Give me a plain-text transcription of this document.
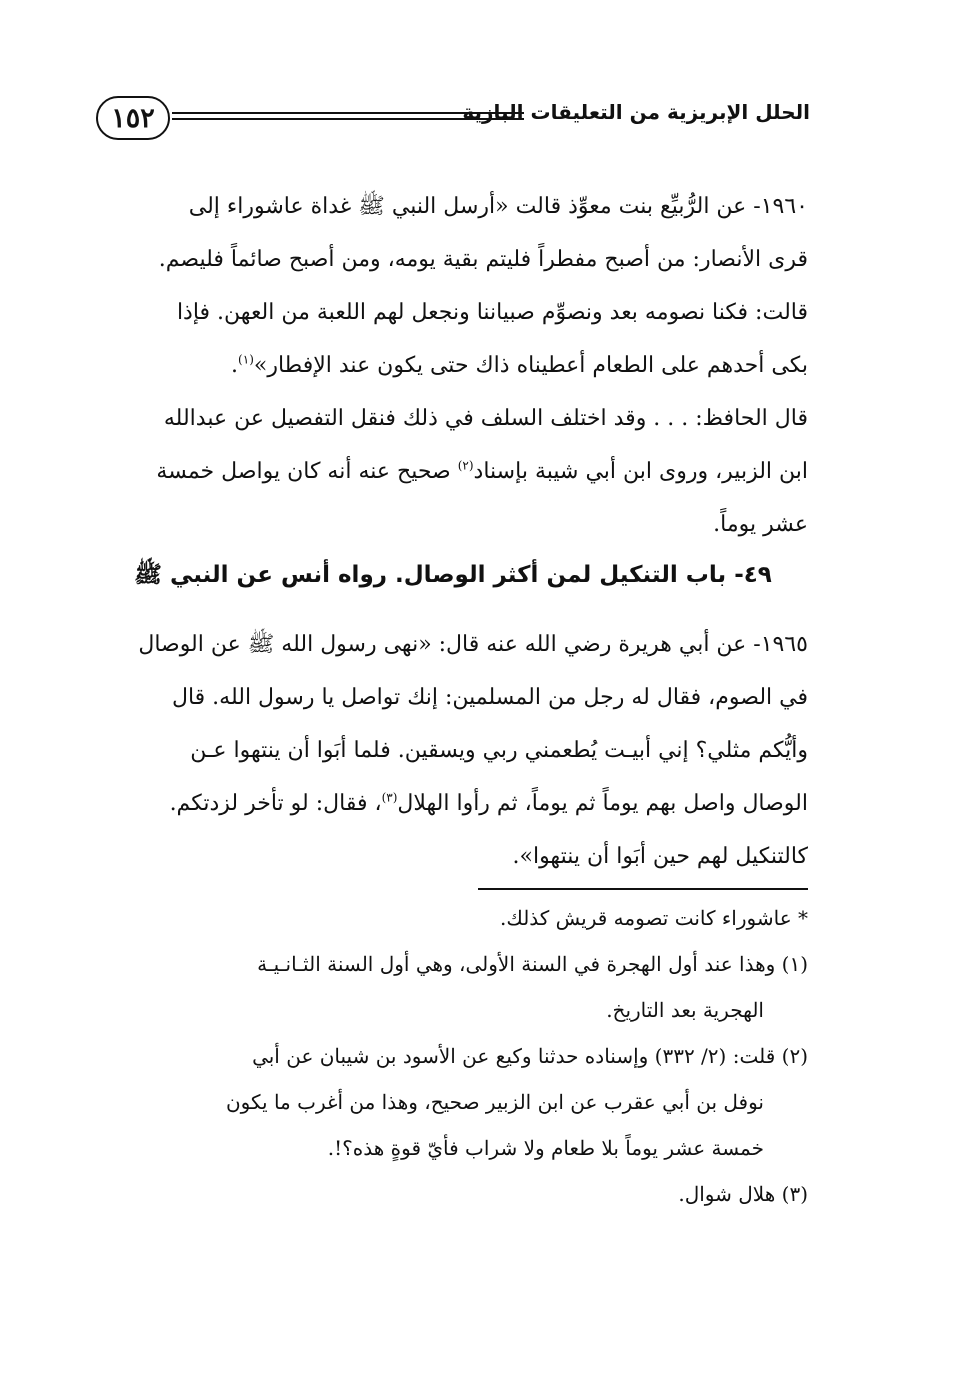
١٥٢	الحلل الإبريزية من التعليقات البازية
١٩٦٠- عن الرُّبيِّع بنت معوِّذ قالت «أرسل النبي ﷺ غداة عاشوراء إلى
قرى الأنصار: من أصبح مفطراً فليتم بقية يومه، ومن أصبح صائماً فليصم.
قالت: فكنا نصومه بعد ونصوِّم صبياننا ونجعل لهم اللعبة من العهن. فإذا
بكى أحدهم على الطعام أعطيناه ذاك حتى يكون عند الإفطار»$^{(١)}$.
قال الحافظ: . . . وقد اختلف السلف في ذلك فنقل التفصيل عن عبدالله
ابن الزبير، وروى ابن أبي شيبة بإسناد$^{(٢)}$ صحيح عنه أنه كان يواصل خمسة
عشر يوماً.
٤٩- باب التنكيل لمن أكثر الوصال. رواه أنس عن النبي ﷺ
١٩٦٥- عن أبي هريرة رضي الله عنه قال: «نهى رسول الله ﷺ عن الوصال
في الصوم، فقال له رجل من المسلمين: إنك تواصل يا رسول الله. قال
وأيُّكم مثلي؟ إني أبيـت يُطعمني ربي ويسقين. فلما أبَوا أن ينتهوا عـن
الوصال واصل بهم يوماً ثم يوماً، ثم رأوا الهلال$^{(٣)}$، فقال: لو تأخر لزدتكم.
كالتنكيل لهم حين أبَوا أن ينتهوا».
* عاشوراء كانت تصومه قريش كذلك.
(١) وهذا عند أول الهجرة في السنة الأولى، وهي أول السنة الثـانـيـة
الهجرية بعد التاريخ.
(٢) قلت: (٢/ ٣٣٢) وإسناده حدثنا وكيع عن الأسود بن شيبان عن أبي
نوفل بن أبي عقرب عن ابن الزبير صحيح، وهذا من أغرب ما يكون
خمسة عشر يوماً بلا طعام ولا شراب فأيّ قوةٍ هذه؟!.
(٣) هلال شوال.
